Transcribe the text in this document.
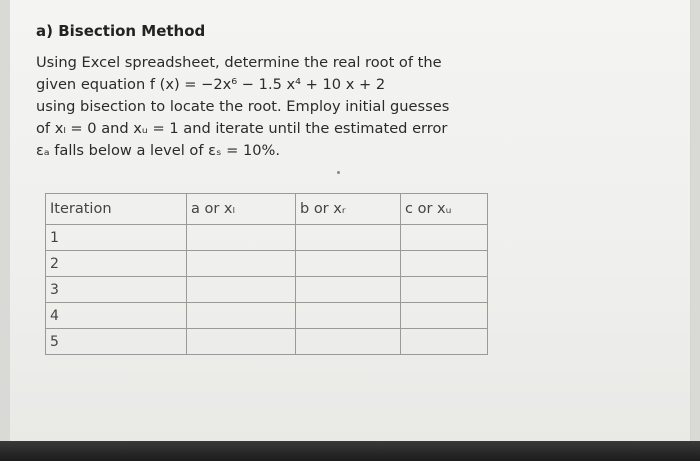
a) Bisection Method
Using Excel spreadsheet, determine the real root of the
given equation f (x) = −2x⁶ − 1.5 x⁴ + 10 x + 2
using bisection to locate the root. Employ initial guesses
of xₗ = 0 and xᵤ = 1 and iterate until the estimated error
εₐ falls below a level of εₛ = 10%.
Iteration	a or xₗ	b or xᵣ	c or xᵤ
1			
2			
3			
4			
5			
